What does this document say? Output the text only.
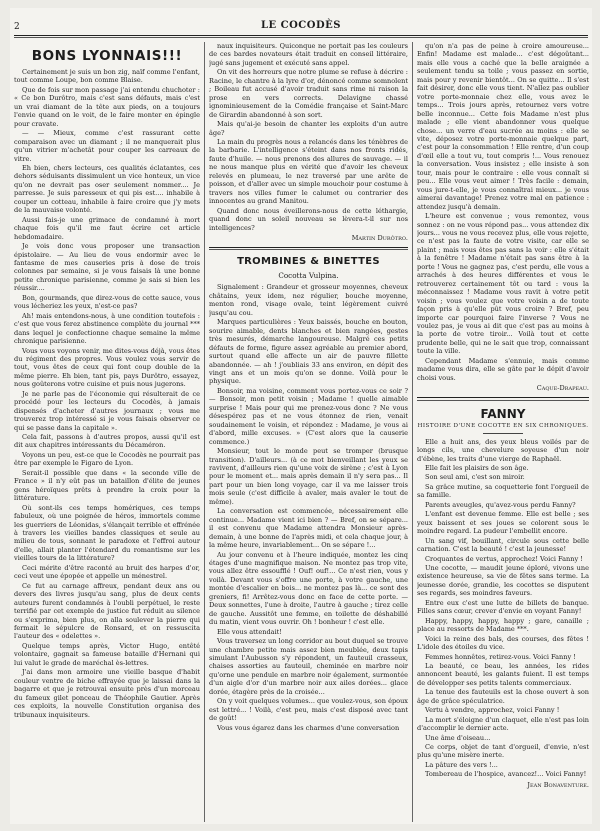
2	LE COCODÈS
BONS LYONNAIS!!!

Certainement je suis un bon zig, naïf comme l'enfant, tout comme Loupe, bon comme Blaise.

Que de fois sur mon passage j'ai entendu chuchoter : « Ce bon Durôtro, mais c'est sans défauts, mais c'est un vrai diamant de la tête aux pieds, on a toujours l'envie quand on le voit, de le faire monter en épingle pour cravate.

— — Mieux, comme c'est rassurant cette comparaison avec un diamant ; il ne manquerait plus qu'un vitrier m'achetât pour couper les carreaux de vitre.

Eh bien, chers lecteurs, ces qualités éclatantes, ces dehors séduisants dissimulent un vice honteux, un vice qu'on ne devrait pas oser seulement nommer.... Je parresse. Je suis paresseux et qui pis est.... inhabile à couper un cotteau, inhabile à faire croire que j'y mets de la mauvaise volonté.

Aussi fais-je une grimace de condamné à mort chaque fois qu'il me faut écrire cet article hebdomadaire.

Je vois donc vous proposer une transaction épistolaire. — Au lieu de vous endormir avec le fantasme de mes causeries pris à dose de trois colonnes par semaine, si je vous faisais là une bonne petite chronique parisienne, comme je sais si bien les réussir....

Bon, gourmands, que direz-vous de cette sauce, vous vous lécheriez les yeux, n'est-ce pas?

Ah! mais entendons-nous, à une condition toutefois : c'est que vous ferez abstinence complète du journal *** dans lequel je confectionne chaque semaine la même chronique parisienne.

Vous vous voyons venir, me dites-vous déjà, vous êtes du régiment des propres. Vous voulez vous servir de tout, vous êtes de ceux qui font coup double de la même pierre. Eh bien, tant pis, pays Durôtro, essayez, nous goûterons votre cuisine et puis nous jugerons.

Je ne parle pas de l'économie qui résulterait de ce procédé pour les lecteurs du Cocodès, à jamais dispensés d'acheter d'autres journaux ; vous me trouverez trop intéressé si je vous faisais observer ce qui se passe dans la capitale ».

Cela fait, passons à d'autres propos, aussi qu'il est dit aux chapitres intéressants du Décaméron.

Voyons un peu, est-ce que le Cocodès ne pourrait pas être par exemple le Figaro de Lyon.

Serait-il possible que dans « la seconde ville de France » il n'y eût pas un bataillon d'élite de jeunes gens héroïques prêts à prendre la croix pour la littérature.

Où sont-ils ces temps homériques, ces temps fabuleux, où une poignée de héros, immortels comme les guerriers de Léonidas, s'élançait terrible et effrénée à travers les vieilles bandes classiques et seule au milieu de tous, sonnant le paradoxe et l'effroi autour d'elle, allait planter l'étendard du romantisme sur les vieilles tours de la littérature?

Ceci mérite d'être raconté au bruit des harpes d'or, ceci veut une épopée et appelle un ménestrel.

Ce fut au carnage affreux, pendant deux ans ou devers des livres jusqu'au sang, plus de deux cents auteurs furent condamnés à l'oubli perpétuel, le reste terrifié par cet exemple de justice fut réduit au silence ou s'exprima, bien plus, on alla soulever la pierre qui fermait le sépulcre de Ronsard, et on ressuscita l'auteur des « odelettes ».

Quelque temps après, Victor Hugo, entêté volontaire, gagnait sa fameuse bataille d'Hernani qui lui valut le grade de maréchal ès-lettres.

J'ai dans mon armoire une vieille basque d'habit couleur ventre de biche effrayée que je laissai dans la bagarre et que je retrouvai ensuite près d'un morceau du fameux gilet ponceau de Théophile Gautier. Après ces exploits, la nouvelle Constitution organisa des tribunaux inquisiteurs.

naux inquisiteurs. Quiconque ne portait pas les couleurs de ces bardes novateurs était traduit en conseil littéraire, jugé sans jugement et exécuté sans appel.

On vit des horreurs que notre plume se refuse à décrire : Racine, le chantre à la lyre d'or, dénoncé comme somnolent ; Boileau fut accusé d'avoir traduit sans rime ni raison la prose en vers corrects. Delavigne chassé ignominieusement de la Comédie française et Saint-Marc de Girardin abandonné à son sort.

Mais qu'ai-je besoin de chanter les exploits d'un autre âge?

La main du progrès nous a relancés dans les ténèbres de la barbarie. L'intelligence s'éteint dans nos fronts ridés, faute d'huile. — nous prenons des allures de sauvage. — il ne nous manque plus en vérité que d'avoir les cheveux relevés en plumeau, le nez traversé par une arête de poisson, et d'aller avec un simple mouchoir pour costume à travers nos villes fumer le calumet ou contrarier des innocentes au grand Manitou.

Quand donc nous éveillerons-nous de cette léthargie, quand donc un soleil nouveau se lèvera-t-il sur nos intelligences?

Martin Durôtro.
TROMBINES & BINETTES
Cocotta Vulpina.

Signalement : Grandeur et grosseur moyennes, cheveux châtains, yeux idem, nez régulier, bouche moyenne, menton rond, visage ovale, teint légèrement cuivré jusqu'au cou.

Marques particulières : Yeux baissés, bouche en bouton, sourire aimable, dents blanches et bien rangées, gestes très mesurés, démarche langoureuse. Malgré ces petits défauts de forme, figure assez agréable au premier abord, surtout quand elle affecte un air de pauvre fillette abandonnée. — ah ! j'oubliais 33 ans environ, en dépit des vingt ans et un mois qu'on se donne. Voilà pour le physique.

Bonsoir, ma voisine, comment vous portez-vous ce soir ? — Bonsoir, mon petit voisin ; Madame ! quelle aimable surprise ! Mais pour qui me prenez-vous donc ? Ne vous désespérez pas et ne vous étonnez de rien, venait soudainement le voisin, et répondez : Madame, je vous ai d'abord, mille excuses. » (C'est alors que la causerie commence.)

Monsieur, tout le monde peut se tromper (brusque transition). D'ailleurs... (à ce mot bienveillant les yeux se ravivent, d'ailleurs rien qu'une voix de sirène ; c'est à Lyon pour le moment et... mais après demain il n'y sera pas... Il part pour un bien long voyage, car il va me laisser trois mois seule (c'est difficile à avaler, mais avaler le tout de même).

La conversation est commencée, nécessairement elle continue... Madame vient ici bien ? — Bref, on se sépare... il est convenu que Madame attendra Monsieur après-demain, à une bonne de l'après midi, et cela chaque jour, à la même heure, invariablement... On se sépare !...

Au jour convenu et à l'heure indiquée, montez les cinq étages d'une magnifique maison. Ne montez pas trop vite, vous allez être essoufflé ! Ouf! ouf!... Ce n'est rien, vous y voilà. Devant vous s'offre une porte, à votre gauche, une montée d'escalier en bois... ne montez pas là... ce sont des greniers, fi! Arrêtez-vous donc en face de cette porte. — Deux sonnettes, l'une à droite, l'autre à gauche ; tirez celle de gauche. Aussitôt une femme, en toilette de déshabillé du matin, vient vous ouvrir. Oh ! bonheur ! c'est elle.

Elle vous attendait!

Vous traversez un long corridor au bout duquel se trouve une chambre petite mais assez bien meublée, deux tapis simulant l'Aubusson s'y répondent, un fauteuil crasseux, chaises assorties au fauteuil, cheminée en marbre noir qu'orne une pendule en marbre noir également, surmontée d'un aigle d'or d'un marbre noir aux ailes dorées... glace dorée, étagère près de la croisée...

On y voit quelques volumes... que voulez-vous, son époux est lettré... ! Voilà, c'est peu, mais c'est disposé avec tant de goût!

Vous vous égarez dans les charmes d'une conversation

qu'on n'a pas de peine à croire amoureuse... Enfin! Madame est malade... c'est dégoûtant... mais elle vous a caché que la belle araignée a seulement tendu sa toile ; vous passez en sortie, mais pour y revenir bientôt... On se quitte... Il s'est fait désirer, donc elle vous tient. N'allez pas oublier votre porte-monnaie chez elle, vous avez le temps... Trois jours après, retournez vers votre belle inconnue... Cette fois Madame n'est plus malade ; elle vient abandonner vous quelque chose... un verre d'eau sucrée au moins : elle se vite, déposez votre porte-monnaie quelque part, c'est pour la consommation ! Elle rentre, d'un coup d'œil elle a tout vu, tout compris !... Vous renouez la conversation. Vous insistez ; elle insiste à son tour, mais pour le contraire : elle vous connaît si peu... Elle vous veut aimer ! Très facile : demain, vous jure-t-elle, je vous connaîtrai mieux... je vous aimerai davantage! Prenez votre mal en patience : attendez jusqu'à demain.

L'heure est convenue ; vous remontez, vous sonnez : on ne vous répond pas... vous attendez dix jours... vous ne vous recevez plus, elle vous rejette, ce n'est pas la faute de votre visite, car elle se plaint ; mais vous êtes pas sans la voir : elle s'était à la fenêtre ! Madame n'était pas sans être à la porte ! Vous ne gagnez pas, c'est perdu, elle vous a arrachés à des heures différentes et vous le retrouverez certainement tôt ou tard : vous la méconnaissez ! Madame vous ravit à votre petit voisin ; vous voulez que votre voisin a de toute façon pris à qu'elle pût vous croire ? Bref, peu importe car pourquoi faire l'inverse ? Vous ne voulez pas, je vous ai dit que c'est pas au moins à la porte de votre tiroir... Voilà tout et cette prudente belle, qui ne le sait que trop, connaissant toute la ville.

Cependant Madame s'ennuie, mais comme madame vous dira, elle se gâte par le dépit d'avoir choisi vous.

Caque-Drapeau.
FANNY
HISTOIRE D'UNE COCOTTE EN SIX CHRONIQUES.

Elle a huit ans, des yeux bleus voilés par de longs cils, une chevelure soyeuse d'un noir d'ébène, les traits d'une vierge de Raphaël.

Elle fait les plaisirs de son âge.

Son seul ami, c'est son miroir.

Sa grâce mutine, sa coquetterie font l'orgueil de sa famille.

Parents aveugles, qu'avez-vous perdu Fanny?

L'enfant est devenue femme. Elle est belle ; ses yeux baissent et ses joues se colorent sous le moindre regard. La pudeur l'embellit encore.

Un sang vif, bouillant, circule sous cette belle carnation. C'est la beauté ! c'est la jeunesse!

Croquantes de vertus, approchez! Voici Fanny !

Une cocotte, — maudit jeune éploré, vivons une existence heureuse, sa vie de fêtes sans terme. La jeunesse dorée, grandie, les cocottes se disputent ses regards, ses moindres faveurs.

Entre eux c'est une lutte de billets de banque. Filles sans cœur, crever d'envie en voyant Fanny!

Happy, happy, happy, happy ; gare, canaille ; place au ressorts de Madame ***.

Voici la reine des bals, des courses, des fêtes ! L'idole des étoiles du vice.

Femmes honnêtes, retirez-vous. Voici Fanny !

La beauté, ce beau, les années, les rides annoncent beauté, les galants fuient. Il est temps de développer ses petits talents commerciaux.

La tenue des fauteuils est la chose ouvert à son âge de grâce spéculatrice.

Vertu à vendre, approchez, voici Fanny !

La mort s'éloigne d'un claquet, elle n'est pas loin d'accomplir le dernier acte.

Une âme d'oiseau...

Ce corps, objet de tant d'orgueil, d'envie, n'est plus qu'une misère inerte.

La pâture des vers !...

Tombereau de l'hospice, avancez!... Voici Fanny!

Jean Bonaventure.
